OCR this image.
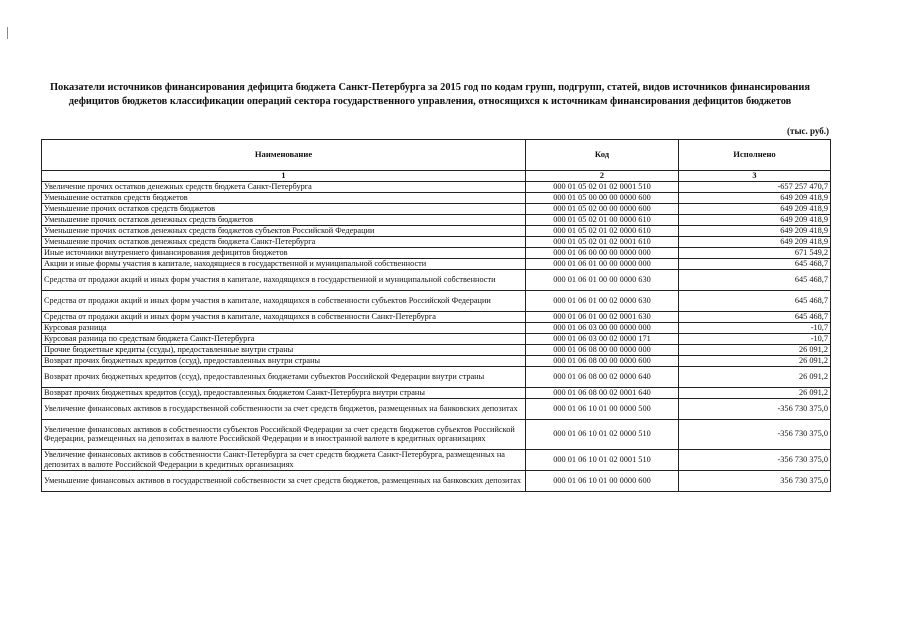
Показатели источников финансирования дефицита бюджета Санкт-Петербурга за 2015 год по кодам групп, подгрупп, статей, видов источников финансирования дефицитов бюджетов классификации операций сектора государственного управления, относящихся к источникам финансирования дефицитов бюджетов
(тыс. руб.)
Наименование	Код	Исполнено
1	2	3
Увеличение прочих остатков денежных средств бюджета Санкт-Петербурга	000 01 05 02 01 02 0001 510	-657 257 470,7
Уменьшение остатков средств бюджетов	000 01 05 00 00 00 0000 600	649 209 418,9
Уменьшение прочих остатков средств бюджетов	000 01 05 02 00 00 0000 600	649 209 418,9
Уменьшение прочих остатков денежных средств бюджетов	000 01 05 02 01 00 0000 610	649 209 418,9
Уменьшение прочих остатков денежных средств бюджетов субъектов Российской Федерации	000 01 05 02 01 02 0000 610	649 209 418,9
Уменьшение прочих остатков денежных средств бюджета Санкт-Петербурга	000 01 05 02 01 02 0001 610	649 209 418,9
Иные источники внутреннего финансирования дефицитов бюджетов	000 01 06 00 00 00 0000 000	671 549,2
Акции и иные формы участия в капитале, находящиеся в государственной и муниципальной собственности	000 01 06 01 00 00 0000 000	645 468,7
Средства от продажи акций и иных форм участия в капитале, находящихся в государственной и муниципальной собственности	000 01 06 01 00 00 0000 630	645 468,7
Средства от продажи акций и иных форм участия в капитале, находящихся в собственности субъектов Российской Федерации	000 01 06 01 00 02 0000 630	645 468,7
Средства от продажи акций и иных форм участия в капитале, находящихся в собственности Санкт-Петербурга	000 01 06 01 00 02 0001 630	645 468,7
Курсовая разница	000 01 06 03 00 00 0000 000	-10,7
Курсовая разница по средствам бюджета Санкт-Петербурга	000 01 06 03 00 02 0000 171	-10,7
Прочие бюджетные кредиты (ссуды), предоставленные внутри страны	000 01 06 08 00 00 0000 000	26 091,2
Возврат прочих бюджетных кредитов (ссуд), предоставленных внутри страны	000 01 06 08 00 00 0000 600	26 091,2
Возврат прочих бюджетных кредитов (ссуд), предоставленных бюджетами субъектов Российской Федерации внутри страны	000 01 06 08 00 02 0000 640	26 091,2
Возврат прочих бюджетных кредитов (ссуд), предоставленных бюджетом Санкт-Петербурга внутри страны	000 01 06 08 00 02 0001 640	26 091,2
Увеличение финансовых активов в государственной собственности за счет средств бюджетов, размещенных на банковских депозитах	000 01 06 10 01 00 0000 500	-356 730 375,0
Увеличение финансовых активов в собственности субъектов Российской Федерации за счет средств бюджетов субъектов Российской Федерации, размещенных на депозитах в валюте Российской Федерации и в иностранной валюте в кредитных организациях	000 01 06 10 01 02 0000 510	-356 730 375,0
Увеличение финансовых активов в собственности Санкт-Петербурга за счет средств бюджета Санкт-Петербурга, размещенных на депозитах в валюте Российской Федерации в кредитных организациях	000 01 06 10 01 02 0001 510	-356 730 375,0
Уменьшение финансовых активов в государственной собственности за счет средств бюджетов, размещенных на банковских депозитах	000 01 06 10 01 00 0000 600	356 730 375,0
